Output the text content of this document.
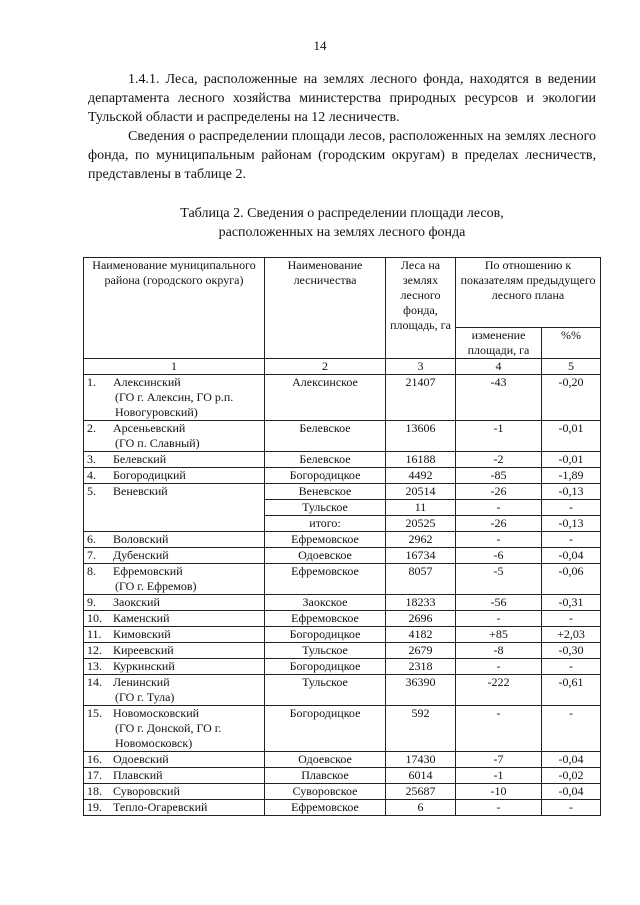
14

1.4.1. Леса, расположенные на землях лесного фонда, находятся в ведении департамента лесного хозяйства министерства природных ресурсов и экологии Тульской области и распределены на 12 лесничеств.

Сведения о распределении площади лесов, расположенных на землях лесного фонда, по муниципальным районам (городским округам) в пределах лесничеств, представлены в таблице 2.

Таблица 2. Сведения о распределении площади лесов,
расположенных на землях лесного фонда
Наименование муниципального района (городского округа)	Наименование лесничества	Леса на землях лесного фонда, площадь, га	По отношению к показателям предыдущего лесного плана	
			изменение площади, га	%%
1	2	3	4	5
1. Алексинский
(ГО г. Алексин, ГО р.п. Новогуровский)	Алексинское	21407	-43	-0,20
2. Арсеньевский
(ГО п. Славный)	Белевское	13606	-1	-0,01
3. Белевский	Белевское	16188	-2	-0,01
4. Богородицкий	Богородицкое	4492	-85	-1,89
5. Веневский	Веневское	20514	-26	-0,13
	Тульское	11	-	-
	итого:	20525	-26	-0,13
6. Воловский	Ефремовское	2962	-	-
7. Дубенский	Одоевское	16734	-6	-0,04
8. Ефремовский
(ГО г. Ефремов)	Ефремовское	8057	-5	-0,06
9. Заокский	Заокское	18233	-56	-0,31
10. Каменский	Ефремовское	2696	-	-
11. Кимовский	Богородицкое	4182	+85	+2,03
12. Киреевский	Тульское	2679	-8	-0,30
13. Куркинский	Богородицкое	2318	-	-
14. Ленинский
(ГО г. Тула)	Тульское	36390	-222	-0,61
15. Новомосковский
(ГО г. Донской, ГО г. Новомосковск)	Богородицкое	592	-	-
16. Одоевский	Одоевское	17430	-7	-0,04
17. Плавский	Плавское	6014	-1	-0,02
18. Суворовский	Суворовское	25687	-10	-0,04
19. Тепло-Огаревский	Ефремовское	6	-	-
